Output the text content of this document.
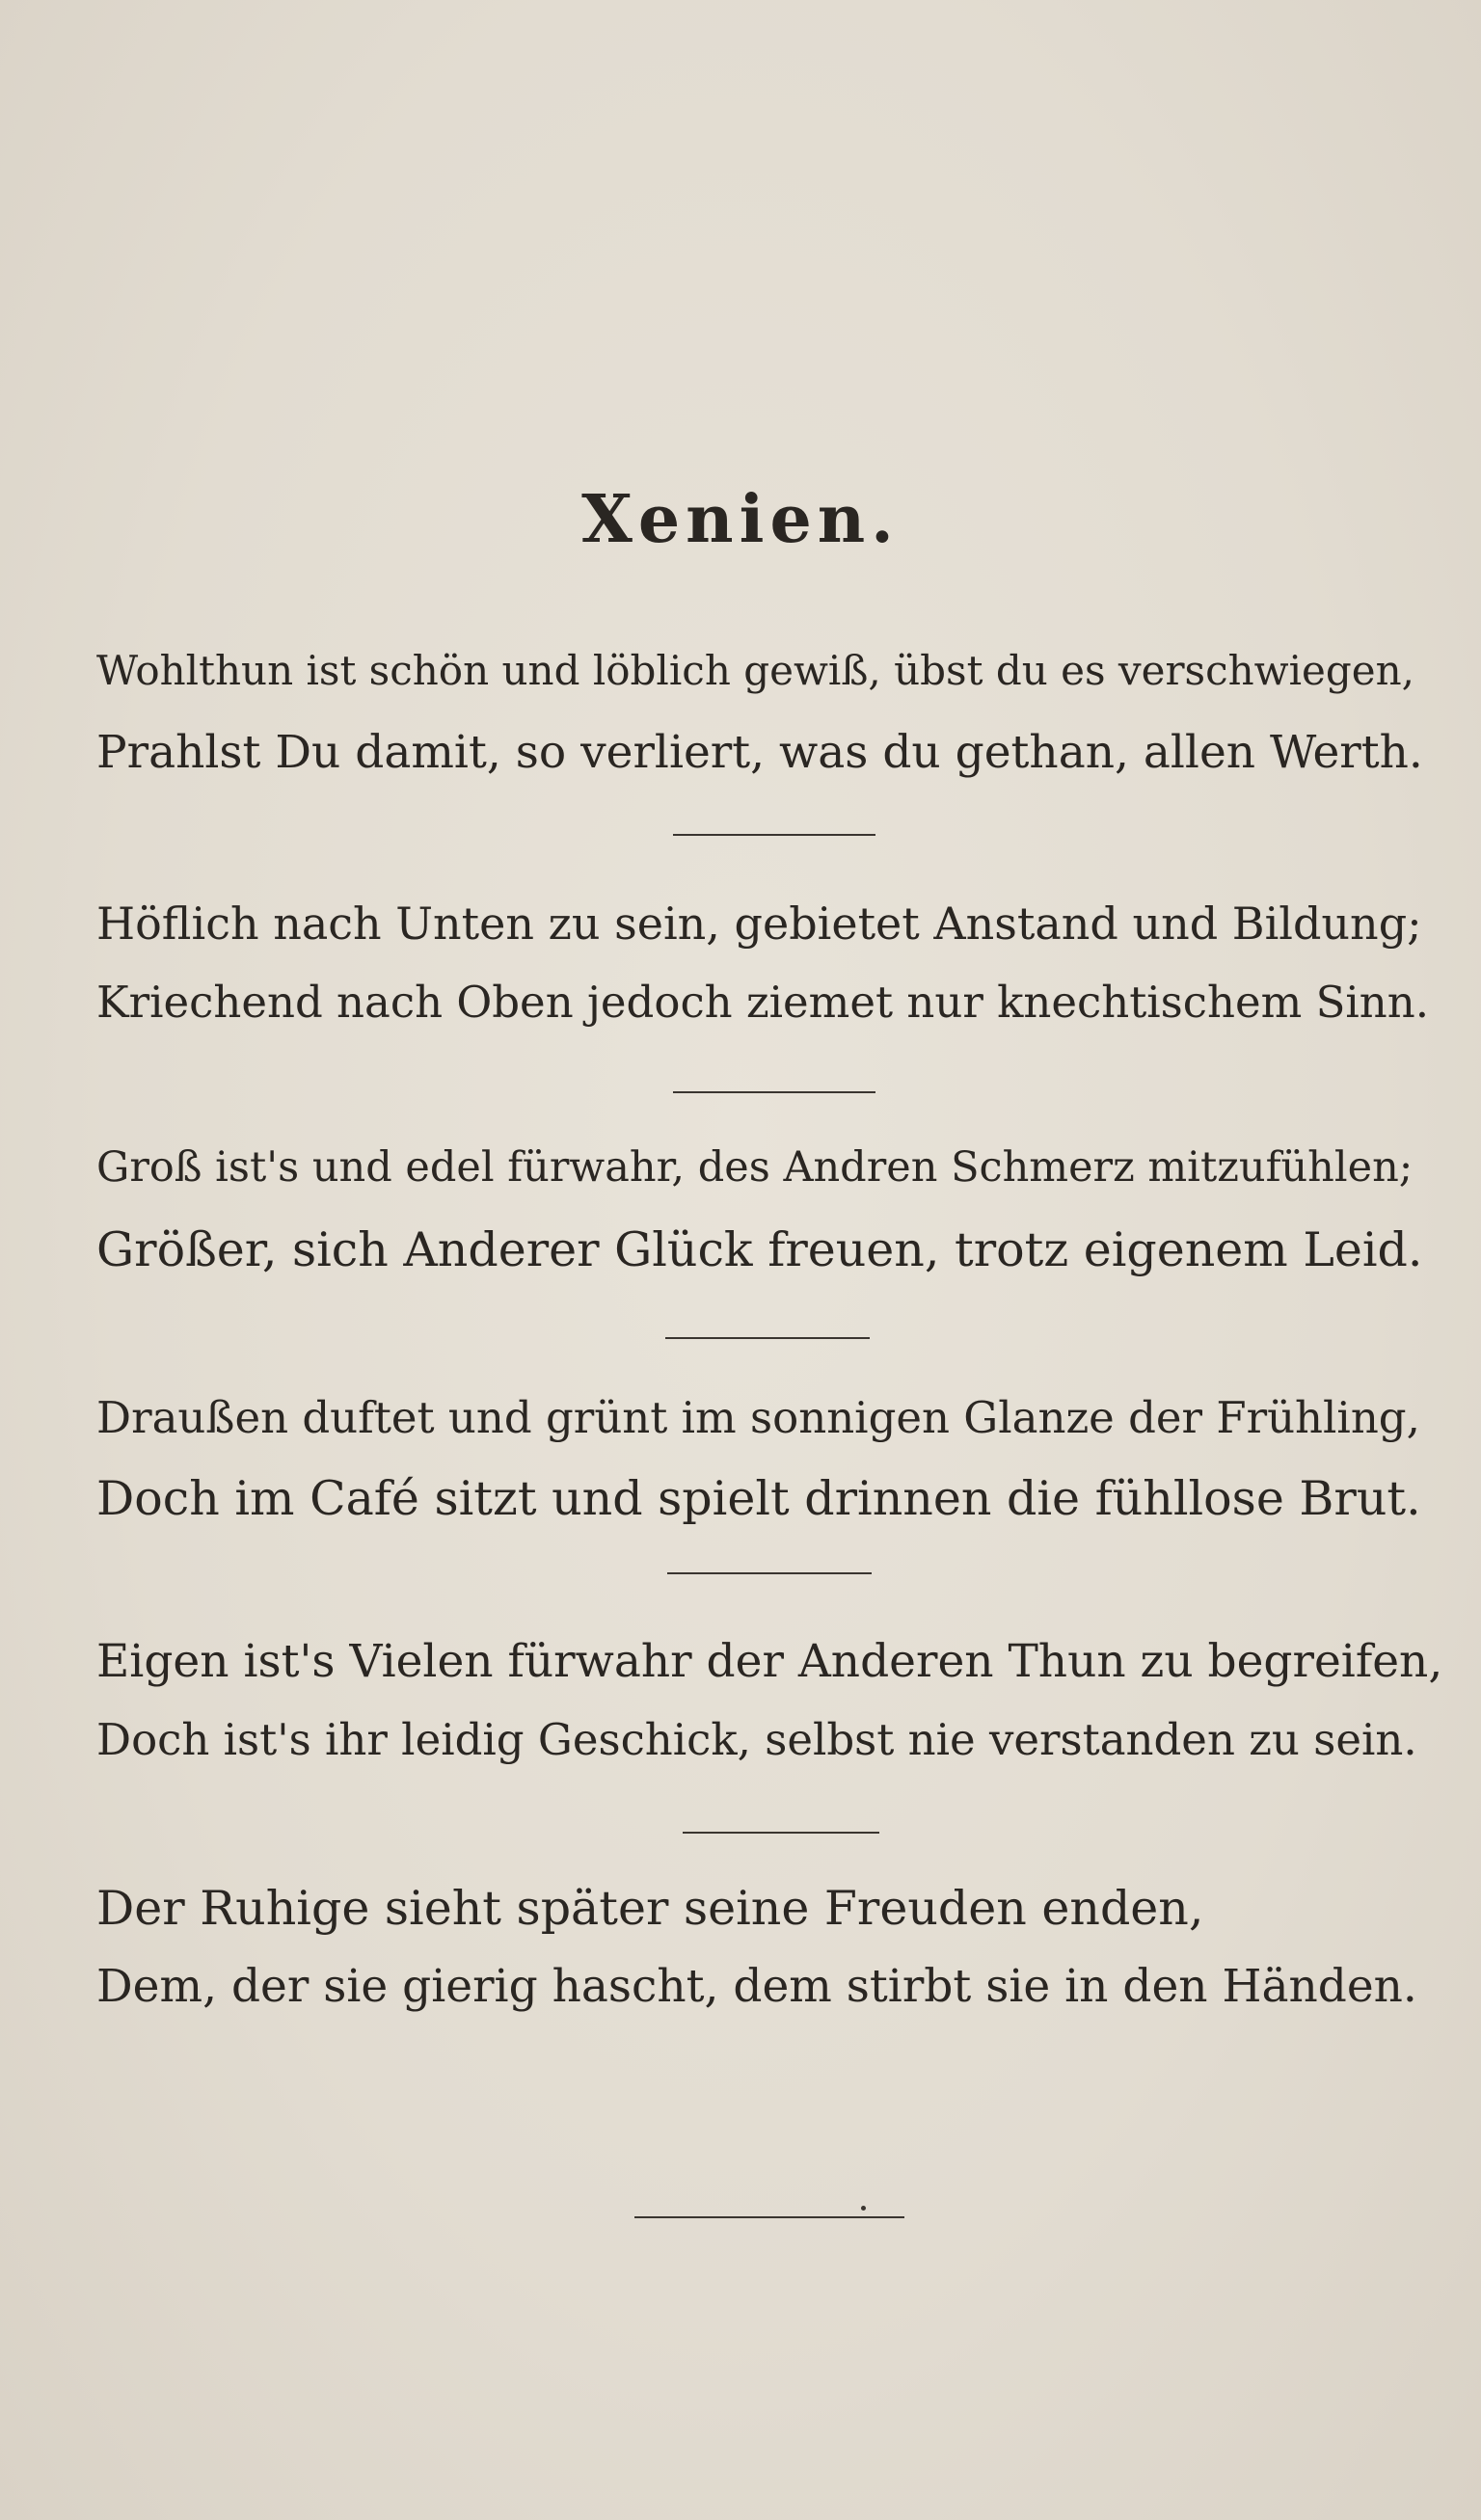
Xenien.
Wohlthun ist schön und löblich gewiß, übst du es verschwiegen,
Prahlst Du damit, so verliert, was du gethan, allen Werth.
Höflich nach Unten zu sein, gebietet Anstand und Bildung;
Kriechend nach Oben jedoch ziemet nur knechtischem Sinn.
Groß ist's und edel fürwahr, des Andren Schmerz mitzufühlen;
Größer, sich Anderer Glück freuen, trotz eigenem Leid.
Draußen duftet und grünt im sonnigen Glanze der Frühling,
Doch im Café sitzt und spielt drinnen die fühllose Brut.
Eigen ist's Vielen fürwahr der Anderen Thun zu begreifen,
Doch ist's ihr leidig Geschick, selbst nie verstanden zu sein.
Der Ruhige sieht später seine Freuden enden,
Dem, der sie gierig hascht, dem stirbt sie in den Händen.
